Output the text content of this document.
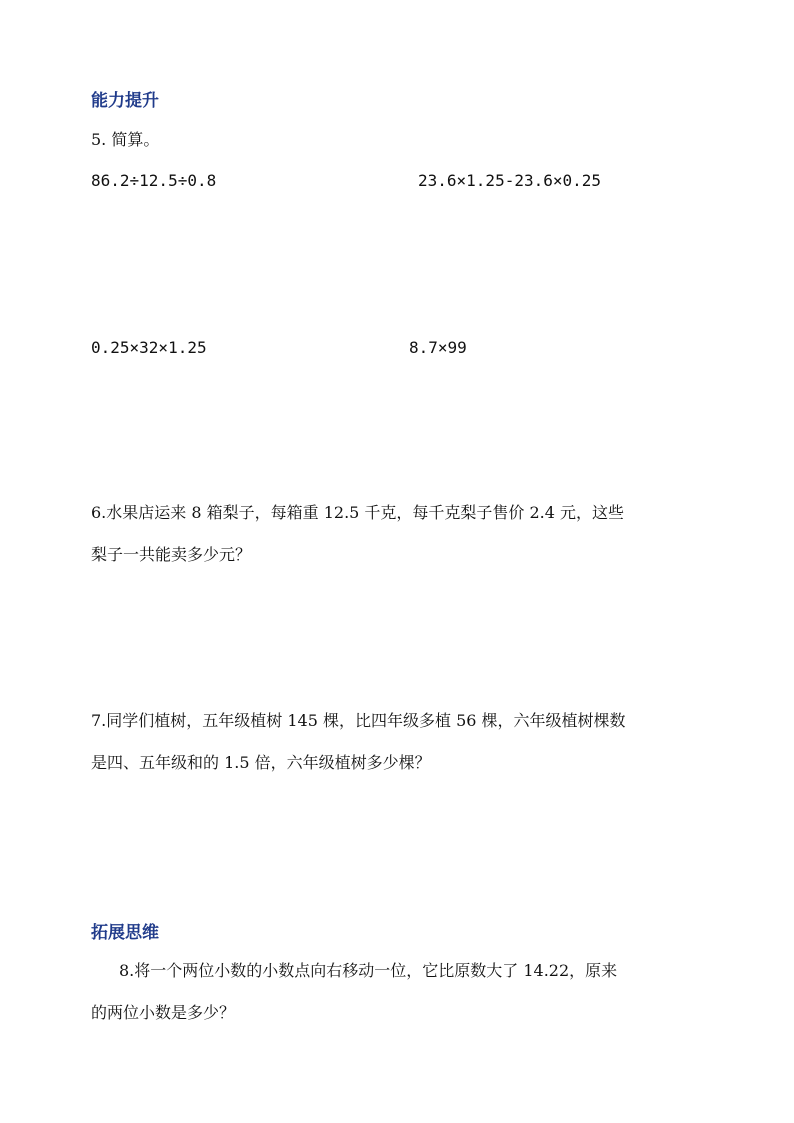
能力提升
5. 简算。
86.2÷12.5÷0.8	23.6×1.25-23.6×0.25
0.25×32×1.25	8.7×99
6.水果店运来 8 箱梨子，每箱重 12.5 千克，每千克梨子售价 2.4 元，这些
梨子一共能卖多少元？
7.同学们植树，五年级植树 145 棵，比四年级多植 56 棵，六年级植树棵数
是四、五年级和的 1.5 倍，六年级植树多少棵？
拓展思维
8.将一个两位小数的小数点向右移动一位，它比原数大了 14.22，原来
的两位小数是多少？
